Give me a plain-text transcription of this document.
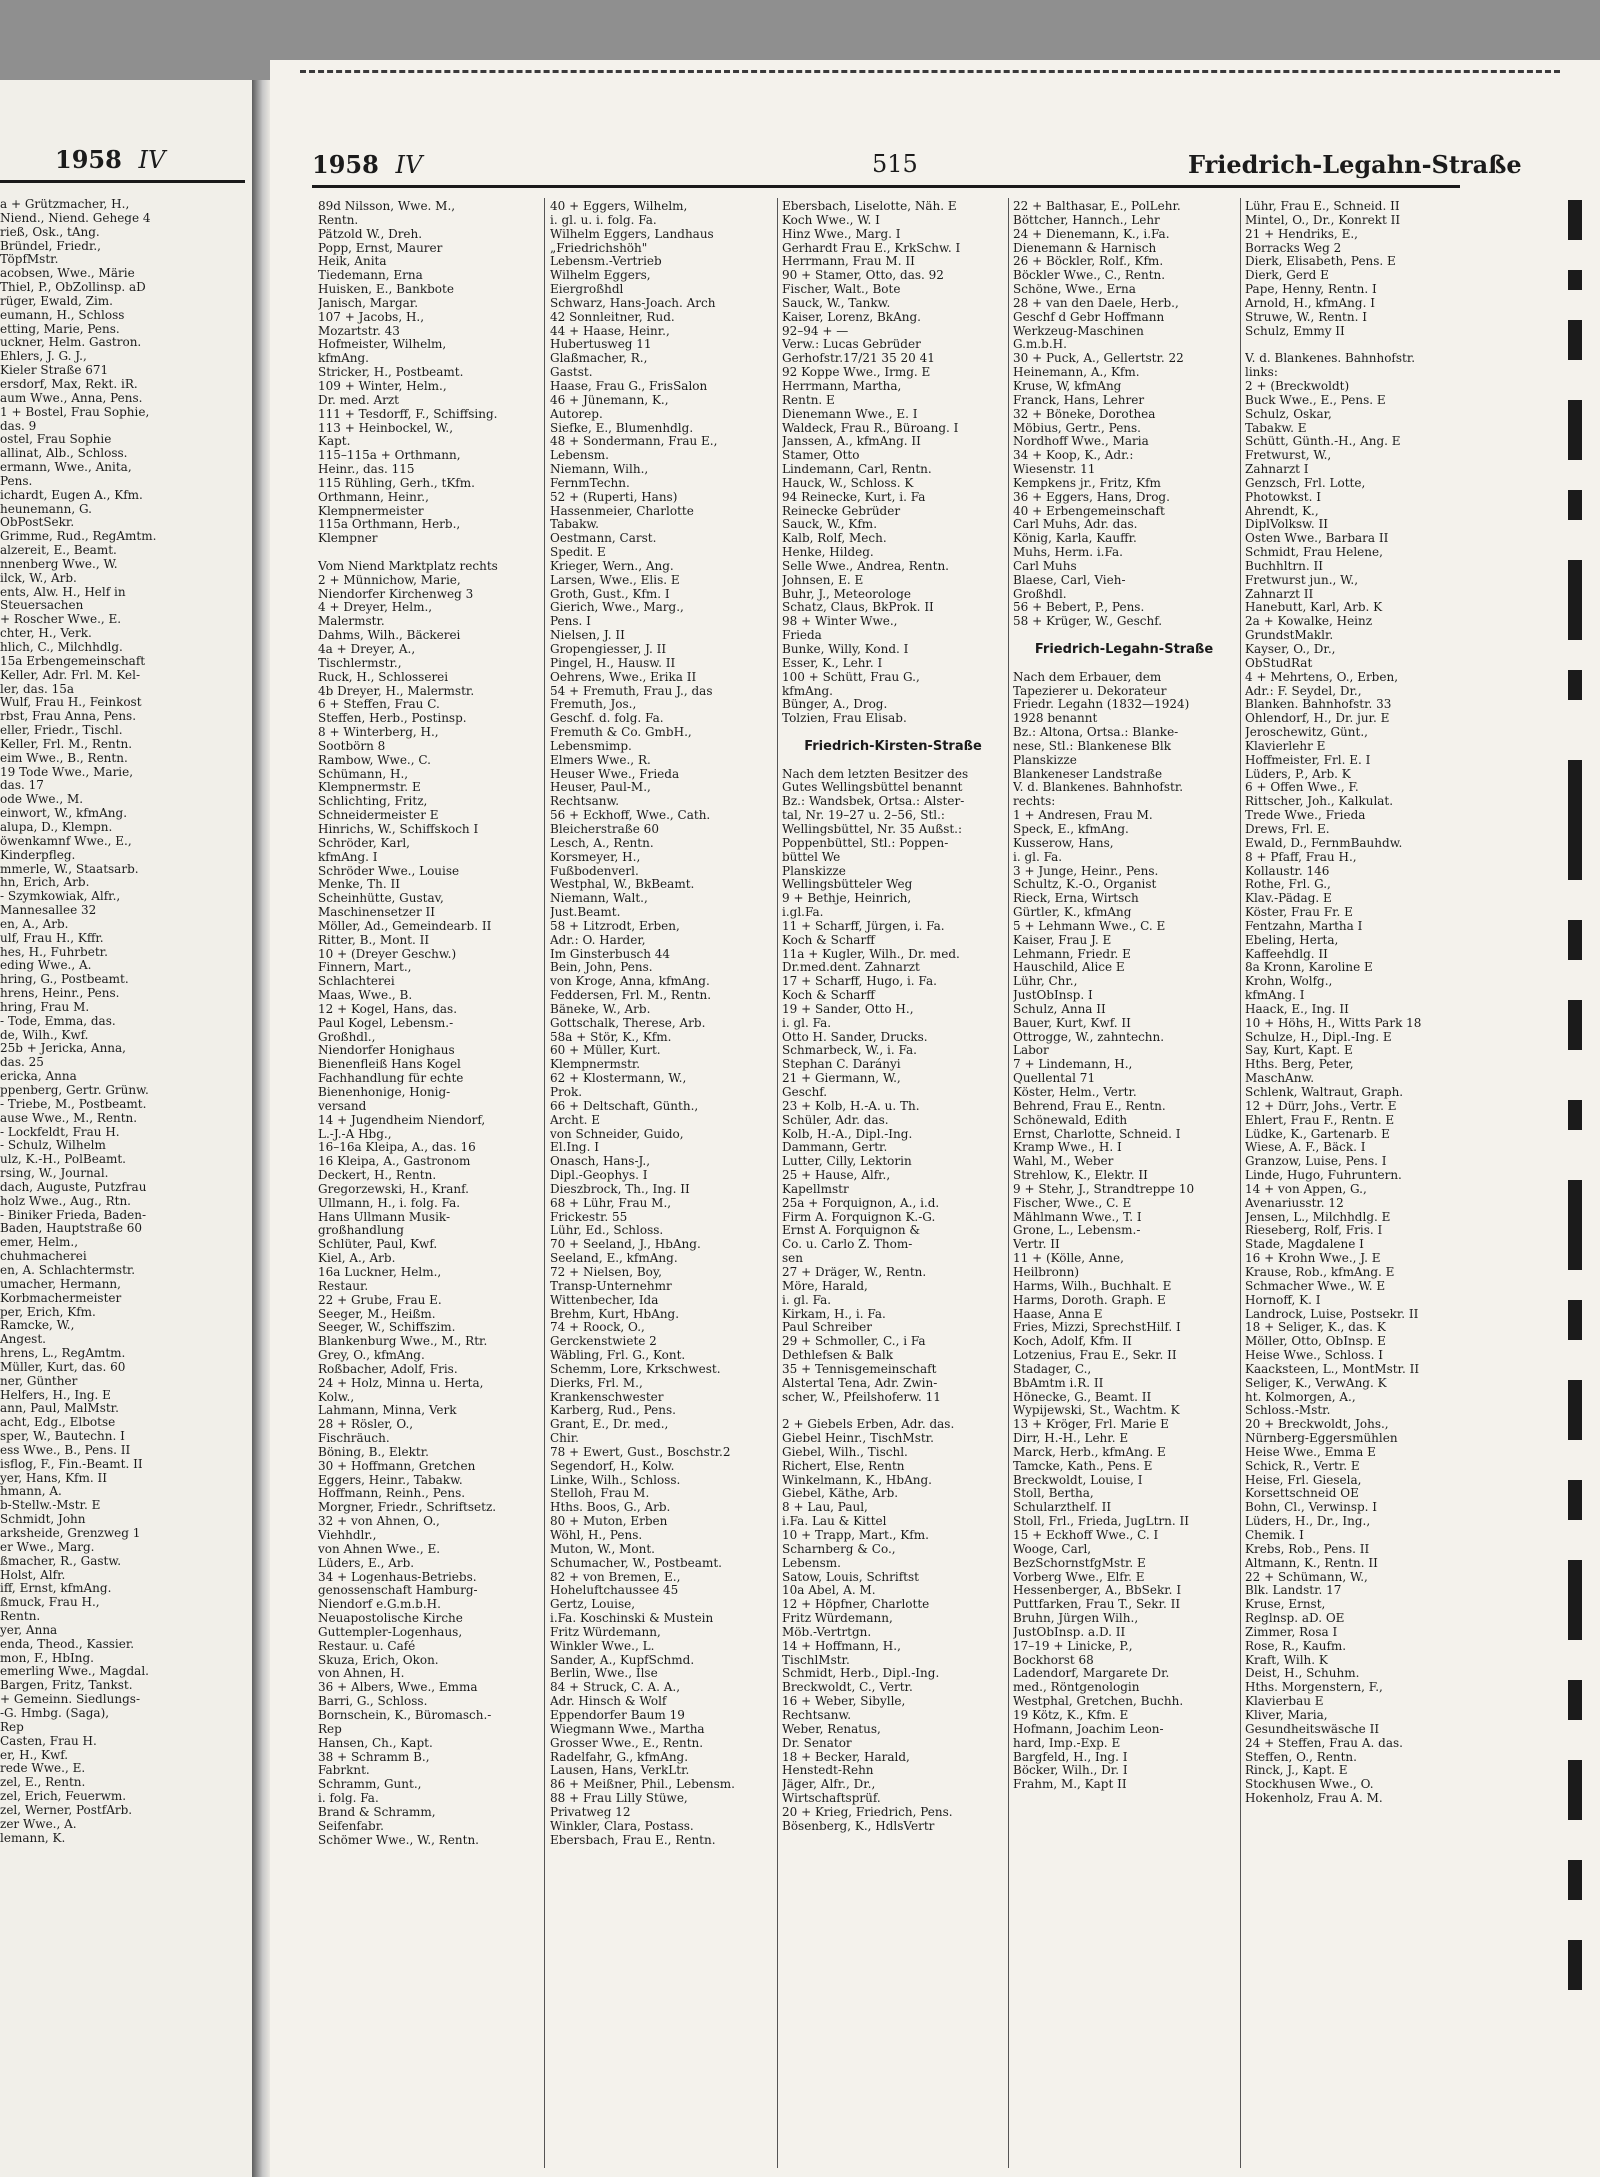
1958 IV
a + Grützmacher, H.,
Niend., Niend. Gehege 4
rieß, Osk., tAng.
Bründel, Friedr.,
TöpfMstr.
acobsen, Wwe., Märie
Thiel, P., ObZollinsp. aD
rüger, Ewald, Zim.
eumann, H., Schloss
etting, Marie, Pens.
uckner, Helm. Gastron.
Ehlers, J. G. J.,
Kieler Straße 671
ersdorf, Max, Rekt. iR.
aum Wwe., Anna, Pens.
1 + Bostel, Frau Sophie,
das. 9
ostel, Frau Sophie
allinat, Alb., Schloss.
ermann, Wwe., Anita,
Pens.
ichardt, Eugen A., Kfm.
heunemann, G.
ObPostSekr.
Grimme, Rud., RegAmtm.
alzereit, E., Beamt.
nnenberg Wwe., W.
ilck, W., Arb.
ents, Alw. H., Helf in
Steuersachen
+ Roscher Wwe., E.
chter, H., Verk.
hlich, C., Milchhdlg.
15a Erbengemeinschaft
Keller, Adr. Frl. M. Kel-
ler, das. 15a
Wulf, Frau H., Feinkost
rbst, Frau Anna, Pens.
eller, Friedr., Tischl.
Keller, Frl. M., Rentn.
eim Wwe., B., Rentn.
19 Tode Wwe., Marie,
das. 17
ode Wwe., M.
einwort, W., kfmAng.
alupa, D., Klempn.
öwenkamnf Wwe., E.,
Kinderpfleg.
mmerle, W., Staatsarb.
hn, Erich, Arb.
- Szymkowiak, Alfr.,
Mannesallee 32
en, A., Arb.
ulf, Frau H., Kffr.
hes, H., Fuhrbetr.
eding Wwe., A.
hring, G., Postbeamt.
hrens, Heinr., Pens.
hring, Frau M.
- Tode, Emma, das.
de, Wilh., Kwf.
25b + Jericka, Anna,
das. 25
ericka, Anna
ppenberg, Gertr. Grünw.
- Triebe, M., Postbeamt.
ause Wwe., M., Rentn.
- Lockfeldt, Frau H.
- Schulz, Wilhelm
ulz, K.-H., PolBeamt.
rsing, W., Journal.
dach, Auguste, Putzfrau
holz Wwe., Aug., Rtn.
- Biniker Frieda, Baden-
Baden, Hauptstraße 60
emer, Helm.,
chuhmacherei
en, A. Schlachtermstr.
umacher, Hermann,
Korbmachermeister
per, Erich, Kfm.
Ramcke, W.,
Angest.
hrens, L., RegAmtm.
Müller, Kurt, das. 60
ner, Günther
Helfers, H., Ing. E
ann, Paul, MalMstr.
acht, Edg., Elbotse
sper, W., Bautechn. I
ess Wwe., B., Pens. II
isflog, F., Fin.-Beamt. II
yer, Hans, Kfm. II
hmann, A.
b-Stellw.-Mstr. E
Schmidt, John
arksheide, Grenzweg 1
er Wwe., Marg.
ßmacher, R., Gastw.
Holst, Alfr.
iff, Ernst, kfmAng.
ßmuck, Frau H.,
Rentn.
yer, Anna
enda, Theod., Kassier.
mon, F., HbIng.
emerling Wwe., Magdal.
Bargen, Fritz, Tankst.
+ Gemeinn. Siedlungs-
-G. Hmbg. (Saga),
Rep
Casten, Frau H.
er, H., Kwf.
rede Wwe., E.
zel, E., Rentn.
zel, Erich, Feuerwm.
zel, Werner, PostfArb.
zer Wwe., A.
lemann, K.
1958 IV	515	Friedrich-Legahn-Straße
89d Nilsson, Wwe. M.,
Rentn.
Pätzold W., Dreh.
Popp, Ernst, Maurer
Heik, Anita
Tiedemann, Erna
Huisken, E., Bankbote
Janisch, Margar.
107 + Jacobs, H.,
Mozartstr. 43
Hofmeister, Wilhelm,
kfmAng.
Stricker, H., Postbeamt.
109 + Winter, Helm.,
Dr. med. Arzt
111 + Tesdorff, F., Schiffsing.
113 + Heinbockel, W.,
Kapt.
115–115a + Orthmann,
Heinr., das. 115
115 Rühling, Gerh., tKfm.
Orthmann, Heinr.,
Klempnermeister
115a Orthmann, Herb.,
Klempner

Vom Niend Marktplatz rechts
2 + Münnichow, Marie,
Niendorfer Kirchenweg 3
4 + Dreyer, Helm.,
Malermstr.
Dahms, Wilh., Bäckerei
4a + Dreyer, A.,
Tischlermstr.,
Ruck, H., Schlosserei
4b Dreyer, H., Malermstr.
6 + Steffen, Frau C.
Steffen, Herb., Postinsp.
8 + Winterberg, H.,
Sootbörn 8
Rambow, Wwe., C.
Schümann, H.,
Klempnermstr. E
Schlichting, Fritz,
Schneidermeister E
Hinrichs, W., Schiffskoch I
Schröder, Karl,
kfmAng. I
Schröder Wwe., Louise
Menke, Th. II
Scheinhütte, Gustav,
Maschinensetzer II
Möller, Ad., Gemeindearb. II
Ritter, B., Mont. II
10 + (Dreyer Geschw.)
Finnern, Mart.,
Schlachterei
Maas, Wwe., B.
12 + Kogel, Hans, das.
Paul Kogel, Lebensm.-
Großhdl.,
Niendorfer Honighaus
Bienenfleiß Hans Kogel
Fachhandlung für echte
Bienenhonige, Honig-
versand
14 + Jugendheim Niendorf,
L.-J.-A Hbg.,
16–16a Kleipa, A., das. 16
16 Kleipa, A., Gastronom
Deckert, H., Rentn.
Gregorzewski, H., Kranf.
Ullmann, H., i. folg. Fa.
Hans Ullmann Musik-
großhandlung
Schlüter, Paul, Kwf.
Kiel, A., Arb.
16a Luckner, Helm.,
Restaur.
22 + Grube, Frau E.
Seeger, M., Heißm.
Seeger, W., Schiffszim.
Blankenburg Wwe., M., Rtr.
Grey, O., kfmAng.
Roßbacher, Adolf, Fris.
24 + Holz, Minna u. Herta,
Kolw.,
Lahmann, Minna, Verk
28 + Rösler, O.,
Fischräuch.
Böning, B., Elektr.
30 + Hoffmann, Gretchen
Eggers, Heinr., Tabakw.
Hoffmann, Reinh., Pens.
Morgner, Friedr., Schriftsetz.
32 + von Ahnen, O.,
Viehhdlr.,
von Ahnen Wwe., E.
Lüders, E., Arb.
34 + Logenhaus-Betriebs.
genossenschaft Hamburg-
Niendorf e.G.m.b.H.
Neuapostolische Kirche
Guttempler-Logenhaus,
Restaur. u. Café
Skuza, Erich, Okon.
von Ahnen, H.
36 + Albers, Wwe., Emma
Barri, G., Schloss.
Bornschein, K., Büromasch.-
Rep
Hansen, Ch., Kapt.
38 + Schramm B.,
Fabrknt.
Schramm, Gunt.,
i. folg. Fa.
Brand & Schramm,
Seifenfabr.
Schömer Wwe., W., Rentn.
40 + Eggers, Wilhelm,
i. gl. u. i. folg. Fa.
Wilhelm Eggers, Landhaus
„Friedrichshöh"
Lebensm.-Vertrieb
Wilhelm Eggers,
Eiergroßhdl
Schwarz, Hans-Joach. Arch
42 Sonnleitner, Rud.
44 + Haase, Heinr.,
Hubertusweg 11
Glaßmacher, R.,
Gastst.
Haase, Frau G., FrisSalon
46 + Jünemann, K.,
Autorep.
Siefke, E., Blumenhdlg.
48 + Sondermann, Frau E.,
Lebensm.
Niemann, Wilh.,
FernmTechn.
52 + (Ruperti, Hans)
Hassenmeier, Charlotte
Tabakw.
Oestmann, Carst.
Spedit. E
Krieger, Wern., Ang.
Larsen, Wwe., Elis. E
Groth, Gust., Kfm. I
Gierich, Wwe., Marg.,
Pens. I
Nielsen, J. II
Gropengiesser, J. II
Pingel, H., Hausw. II
Oehrens, Wwe., Erika II
54 + Fremuth, Frau J., das
Fremuth, Jos.,
Geschf. d. folg. Fa.
Fremuth & Co. GmbH.,
Lebensmimp.
Elmers Wwe., R.
Heuser Wwe., Frieda
Heuser, Paul-M.,
Rechtsanw.
56 + Eckhoff, Wwe., Cath.
Bleicherstraße 60
Lesch, A., Rentn.
Korsmeyer, H.,
Fußbodenverl.
Westphal, W., BkBeamt.
Niemann, Walt.,
Just.Beamt.
58 + Litzrodt, Erben,
Adr.: O. Harder,
Im Ginsterbusch 44
Bein, John, Pens.
von Kroge, Anna, kfmAng.
Feddersen, Frl. M., Rentn.
Bäneke, W., Arb.
Gottschalk, Therese, Arb.
58a + Stör, K., Kfm.
60 + Müller, Kurt.
Klempnermstr.
62 + Klostermann, W.,
Prok.
66 + Deltschaft, Günth.,
Archt. E
von Schneider, Guido,
El.Ing. I
Onasch, Hans-J.,
Dipl.-Geophys. I
Dieszbrock, Th., Ing. II
68 + Lühr, Frau M.,
Frickestr. 55
Lühr, Ed., Schloss.
70 + Seeland, J., HbAng.
Seeland, E., kfmAng.
72 + Nielsen, Boy,
Transp-Unternehmr
Wittenbecher, Ida
Brehm, Kurt, HbAng.
74 + Roock, O.,
Gerckenstwiete 2
Wäbling, Frl. G., Kont.
Schemm, Lore, Krkschwest.
Dierks, Frl. M.,
Krankenschwester
Karberg, Rud., Pens.
Grant, E., Dr. med.,
Chir.
78 + Ewert, Gust., Boschstr.2
Segendorf, H., Kolw.
Linke, Wilh., Schloss.
Stelloh, Frau M.
Hths. Boos, G., Arb.
80 + Muton, Erben
Wöhl, H., Pens.
Muton, W., Mont.
Schumacher, W., Postbeamt.
82 + von Bremen, E.,
Hoheluftchaussee 45
Gertz, Louise,
i.Fa. Koschinski & Mustein
Fritz Würdemann,
Winkler Wwe., L.
Sander, A., KupfSchmd.
Berlin, Wwe., Ilse
84 + Struck, C. A. A.,
Adr. Hinsch & Wolf
Eppendorfer Baum 19
Wiegmann Wwe., Martha
Grosser Wwe., E., Rentn.
Radelfahr, G., kfmAng.
Lausen, Hans, VerkLtr.
86 + Meißner, Phil., Lebensm.
88 + Frau Lilly Stüwe,
Privatweg 12
Winkler, Clara, Postass.
Ebersbach, Frau E., Rentn.
Ebersbach, Liselotte, Näh. E
Koch Wwe., W. I
Hinz Wwe., Marg. I
Gerhardt Frau E., KrkSchw. I
Herrmann, Frau M. II
90 + Stamer, Otto, das. 92
Fischer, Walt., Bote
Sauck, W., Tankw.
Kaiser, Lorenz, BkAng.
92–94 + —
Verw.: Lucas Gebrüder
Gerhofstr.17/21 35 20 41
92 Koppe Wwe., Irmg. E
Herrmann, Martha,
Rentn. E
Dienemann Wwe., E. I
Waldeck, Frau R., Büroang. I
Janssen, A., kfmAng. II
Stamer, Otto
Lindemann, Carl, Rentn.
Hauck, W., Schloss. K
94 Reinecke, Kurt, i. Fa
Reinecke Gebrüder
Sauck, W., Kfm.
Kalb, Rolf, Mech.
Henke, Hildeg.
Selle Wwe., Andrea, Rentn.
Johnsen, E. E
Buhr, J., Meteorologe
Schatz, Claus, BkProk. II
98 + Winter Wwe.,
Frieda
Bunke, Willy, Kond. I
Esser, K., Lehr. I
100 + Schütt, Frau G.,
kfmAng.
Bünger, A., Drog.
Tolzien, Frau Elisab.

Friedrich-Kirsten-Straße

Nach dem letzten Besitzer des
Gutes Wellingsbüttel benannt
Bz.: Wandsbek, Ortsa.: Alster-
tal, Nr. 19–27 u. 2–56, Stl.:
Wellingsbüttel, Nr. 35 Außst.:
Poppenbüttel, Stl.: Poppen-
büttel We
Planskizze
Wellingsbütteler Weg
9 + Bethje, Heinrich,
i.gl.Fa.
11 + Scharff, Jürgen, i. Fa.
Koch & Scharff
11a + Kugler, Wilh., Dr. med.
Dr.med.dent. Zahnarzt
17 + Scharff, Hugo, i. Fa.
Koch & Scharff
19 + Sander, Otto H.,
i. gl. Fa.
Otto H. Sander, Drucks.
Schmarbeck, W., i. Fa.
Stephan C. Darányi
21 + Giermann, W.,
Geschf.
23 + Kolb, H.-A. u. Th.
Schüler, Adr. das.
Kolb, H.-A., Dipl.-Ing.
Dammann, Gertr.
Lutter, Cilly, Lektorin
25 + Hause, Alfr.,
Kapellmstr
25a + Forquignon, A., i.d.
Firm A. Forquignon K.-G.
Ernst A. Forquignon &
Co. u. Carlo Z. Thom-
sen
27 + Dräger, W., Rentn.
Möre, Harald,
i. gl. Fa.
Kirkam, H., i. Fa.
Paul Schreiber
29 + Schmoller, C., i Fa
Dethlefsen & Balk
35 + Tennisgemeinschaft
Alstertal Tena, Adr. Zwin-
scher, W., Pfeilshoferw. 11

2 + Giebels Erben, Adr. das.
Giebel Heinr., TischMstr.
Giebel, Wilh., Tischl.
Richert, Else, Rentn
Winkelmann, K., HbAng.
Giebel, Käthe, Arb.
8 + Lau, Paul,
i.Fa. Lau & Kittel
10 + Trapp, Mart., Kfm.
Scharnberg & Co.,
Lebensm.
Satow, Louis, Schriftst
10a Abel, A. M.
12 + Höpfner, Charlotte
Fritz Würdemann,
Möb.-Vertrtgn.
14 + Hoffmann, H.,
TischlMstr.
Schmidt, Herb., Dipl.-Ing.
Breckwoldt, C., Vertr.
16 + Weber, Sibylle,
Rechtsanw.
Weber, Renatus,
Dr. Senator
18 + Becker, Harald,
Henstedt-Rehn
Jäger, Alfr., Dr.,
Wirtschaftsprüf.
20 + Krieg, Friedrich, Pens.
Bösenberg, K., HdlsVertr
22 + Balthasar, E., PolLehr.
Böttcher, Hannch., Lehr
24 + Dienemann, K., i.Fa.
Dienemann & Harnisch
26 + Böckler, Rolf., Kfm.
Böckler Wwe., C., Rentn.
Schöne, Wwe., Erna
28 + van den Daele, Herb.,
Geschf d Gebr Hoffmann
Werkzeug-Maschinen
G.m.b.H.
30 + Puck, A., Gellertstr. 22
Heinemann, A., Kfm.
Kruse, W, kfmAng
Franck, Hans, Lehrer
32 + Böneke, Dorothea
Möbius, Gertr., Pens.
Nordhoff Wwe., Maria
34 + Koop, K., Adr.:
Wiesenstr. 11
Kempkens jr., Fritz, Kfm
36 + Eggers, Hans, Drog.
40 + Erbengemeinschaft
Carl Muhs, Adr. das.
König, Karla, Kauffr.
Muhs, Herm. i.Fa.
Carl Muhs
Blaese, Carl, Vieh-
Großhdl.
56 + Bebert, P., Pens.
58 + Krüger, W., Geschf.

Friedrich-Legahn-Straße

Nach dem Erbauer, dem
Tapezierer u. Dekorateur
Friedr. Legahn (1832—1924)
1928 benannt
Bz.: Altona, Ortsa.: Blanke-
nese, Stl.: Blankenese Blk
Planskizze
Blankeneser Landstraße
V. d. Blankenes. Bahnhofstr.
rechts:
1 + Andresen, Frau M.
Speck, E., kfmAng.
Kusserow, Hans,
i. gl. Fa.
3 + Junge, Heinr., Pens.
Schultz, K.-O., Organist
Rieck, Erna, Wirtsch
Gürtler, K., kfmAng
5 + Lehmann Wwe., C. E
Kaiser, Frau J. E
Lehmann, Friedr. E
Hauschild, Alice E
Lühr, Chr.,
JustObInsp. I
Schulz, Anna II
Bauer, Kurt, Kwf. II
Ottrogge, W., zahntechn.
Labor
7 + Lindemann, H.,
Quellental 71
Köster, Helm., Vertr.
Behrend, Frau E., Rentn.
Schönewald, Edith
Ernst, Charlotte, Schneid. I
Kramp Wwe., H. I
Wahl, M., Weber
Strehlow, K., Elektr. II
9 + Stehr, J., Strandtreppe 10
Fischer, Wwe., C. E
Mählmann Wwe., T. I
Grone, L., Lebensm.-
Vertr. II
11 + (Kölle, Anne,
Heilbronn)
Harms, Wilh., Buchhalt. E
Harms, Doroth. Graph. E
Haase, Anna E
Fries, Mizzi, SprechstHilf. I
Koch, Adolf, Kfm. II
Lotzenius, Frau E., Sekr. II
Stadager, C.,
BbAmtm i.R. II
Hönecke, G., Beamt. II
Wypijewski, St., Wachtm. K
13 + Kröger, Frl. Marie E
Dirr, H.-H., Lehr. E
Marck, Herb., kfmAng. E
Tamcke, Kath., Pens. E
Breckwoldt, Louise, I
Stoll, Bertha,
Schularzthelf. II
Stoll, Frl., Frieda, JugLtrn. II
15 + Eckhoff Wwe., C. I
Wooge, Carl,
BezSchornstfgMstr. E
Vorberg Wwe., Elfr. E
Hessenberger, A., BbSekr. I
Puttfarken, Frau T., Sekr. II
Bruhn, Jürgen Wilh.,
JustObInsp. a.D. II
17–19 + Linicke, P.,
Bockhorst 68
Ladendorf, Margarete Dr.
med., Röntgenologin
Westphal, Gretchen, Buchh.
19 Kötz, K., Kfm. E
Hofmann, Joachim Leon-
hard, Imp.-Exp. E
Bargfeld, H., Ing. I
Böcker, Wilh., Dr. I
Frahm, M., Kapt II
Lühr, Frau E., Schneid. II
Mintel, O., Dr., Konrekt II
21 + Hendriks, E.,
Borracks Weg 2
Dierk, Elisabeth, Pens. E
Dierk, Gerd E
Pape, Henny, Rentn. I
Arnold, H., kfmAng. I
Struwe, W., Rentn. I
Schulz, Emmy II

V. d. Blankenes. Bahnhofstr.
links:
2 + (Breckwoldt)
Buck Wwe., E., Pens. E
Schulz, Oskar,
Tabakw. E
Schütt, Günth.-H., Ang. E
Fretwurst, W.,
Zahnarzt I
Genzsch, Frl. Lotte,
Photowkst. I
Ahrendt, K.,
DiplVolksw. II
Osten Wwe., Barbara II
Schmidt, Frau Helene,
Buchhltrn. II
Fretwurst jun., W.,
Zahnarzt II
Hanebutt, Karl, Arb. K
2a + Kowalke, Heinz
GrundstMaklr.
Kayser, O., Dr.,
ObStudRat
4 + Mehrtens, O., Erben,
Adr.: F. Seydel, Dr.,
Blanken. Bahnhofstr. 33
Ohlendorf, H., Dr. jur. E
Jeroschewitz, Günt.,
Klavierlehr E
Hoffmeister, Frl. E. I
Lüders, P., Arb. K
6 + Offen Wwe., F.
Rittscher, Joh., Kalkulat.
Trede Wwe., Frieda
Drews, Frl. E.
Ewald, D., FernmBauhdw.
8 + Pfaff, Frau H.,
Kollaustr. 146
Rothe, Frl. G.,
Klav.-Pädag. E
Köster, Frau Fr. E
Fentzahn, Martha I
Ebeling, Herta,
Kaffeehdlg. II
8a Kronn, Karoline E
Krohn, Wolfg.,
kfmAng. I
Haack, E., Ing. II
10 + Höhs, H., Witts Park 18
Schulze, H., Dipl.-Ing. E
Say, Kurt, Kapt. E
Hths. Berg, Peter,
MaschAnw.
Schlenk, Waltraut, Graph.
12 + Dürr, Johs., Vertr. E
Ehlert, Frau F., Rentn. E
Lüdke, K., Gartenarb. E
Wiese, A. F., Bäck. I
Granzow, Luise, Pens. I
Linde, Hugo, Fuhruntern.
14 + von Appen, G.,
Avenariusstr. 12
Jensen, L., Milchhdlg. E
Rieseberg, Rolf, Fris. I
Stade, Magdalene I
16 + Krohn Wwe., J. E
Krause, Rob., kfmAng. E
Schmacher Wwe., W. E
Hornoff, K. I
Landrock, Luise, Postsekr. II
18 + Seliger, K., das. K
Möller, Otto, ObInsp. E
Heise Wwe., Schloss. I
Kaacksteen, L., MontMstr. II
Seliger, K., VerwAng. K
ht. Kolmorgen, A.,
Schloss.-Mstr.
20 + Breckwoldt, Johs.,
Nürnberg-Eggersmühlen
Heise Wwe., Emma E
Schick, R., Vertr. E
Heise, Frl. Giesela,
Korsettschneid OE
Bohn, Cl., Verwinsp. I
Lüders, H., Dr., Ing.,
Chemik. I
Krebs, Rob., Pens. II
Altmann, K., Rentn. II
22 + Schümann, W.,
Blk. Landstr. 17
Kruse, Ernst,
Reglnsp. aD. OE
Zimmer, Rosa I
Rose, R., Kaufm.
Kraft, Wilh. K
Deist, H., Schuhm.
Hths. Morgenstern, F.,
Klavierbau E
Kliver, Maria,
Gesundheitswäsche II
24 + Steffen, Frau A. das.
Steffen, O., Rentn.
Rinck, J., Kapt. E
Stockhusen Wwe., O.
Hokenholz, Frau A. M.
